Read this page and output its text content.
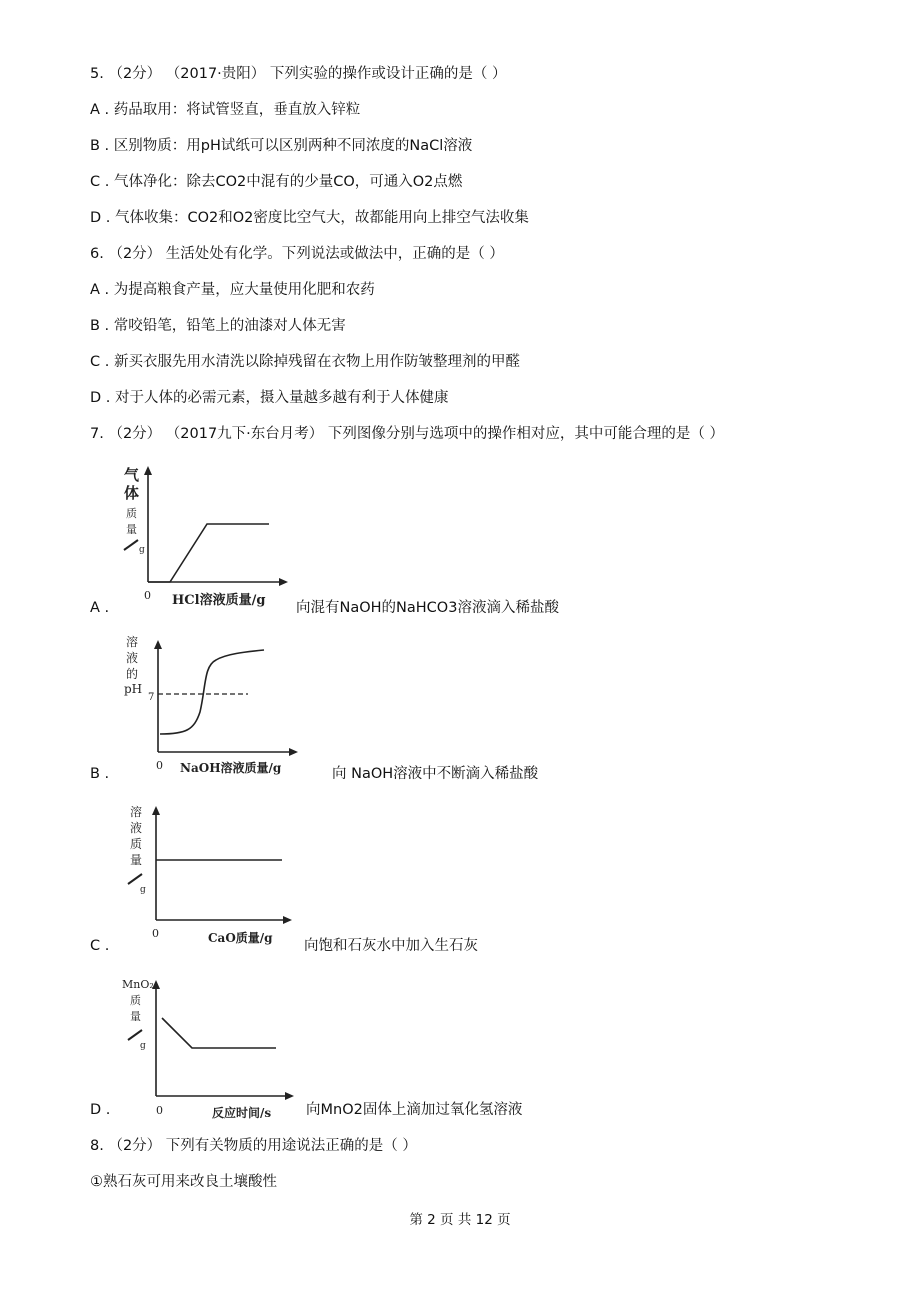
5. （2分） （2017·贵阳） 下列实验的操作或设计正确的是（ ）
A . 药品取用：将试管竖直，垂直放入锌粒
B . 区别物质：用pH试纸可以区别两种不同浓度的NaCl溶液
C . 气体净化：除去CO2中混有的少量CO，可通入O2点燃
D . 气体收集：CO2和O2密度比空气大，故都能用向上排空气法收集
6. （2分） 生活处处有化学。下列说法或做法中，正确的是（ ）
A . 为提高粮食产量，应大量使用化肥和农药
B . 常咬铅笔，铅笔上的油漆对人体无害
C . 新买衣服先用水清洗以除掉残留在衣物上用作防皱整理剂的甲醛
D . 对于人体的必需元素，摄入量越多越有利于人体健康
7. （2分） （2017九下·东台月考） 下列图像分别与选项中的操作相对应，其中可能合理的是（ ）
A .
气
体
质
量
g
0 HCl溶液质量/g 向混有NaOH的NaHCO3溶液滴入稀盐酸
B .
溶
液
的
pH
7
0 NaOH溶液质量/g	向 NaOH溶液中不断滴入稀盐酸
C .
溶
液
质
量
g
0	CaO质量/g 向饱和石灰水中加入生石灰
D .
MnO₂
质
量
g
0	反应时间/s 向MnO2固体上滴加过氧化氢溶液
8. （2分） 下列有关物质的用途说法正确的是（ ）
①熟石灰可用来改良土壤酸性
第 2 页 共 12 页
